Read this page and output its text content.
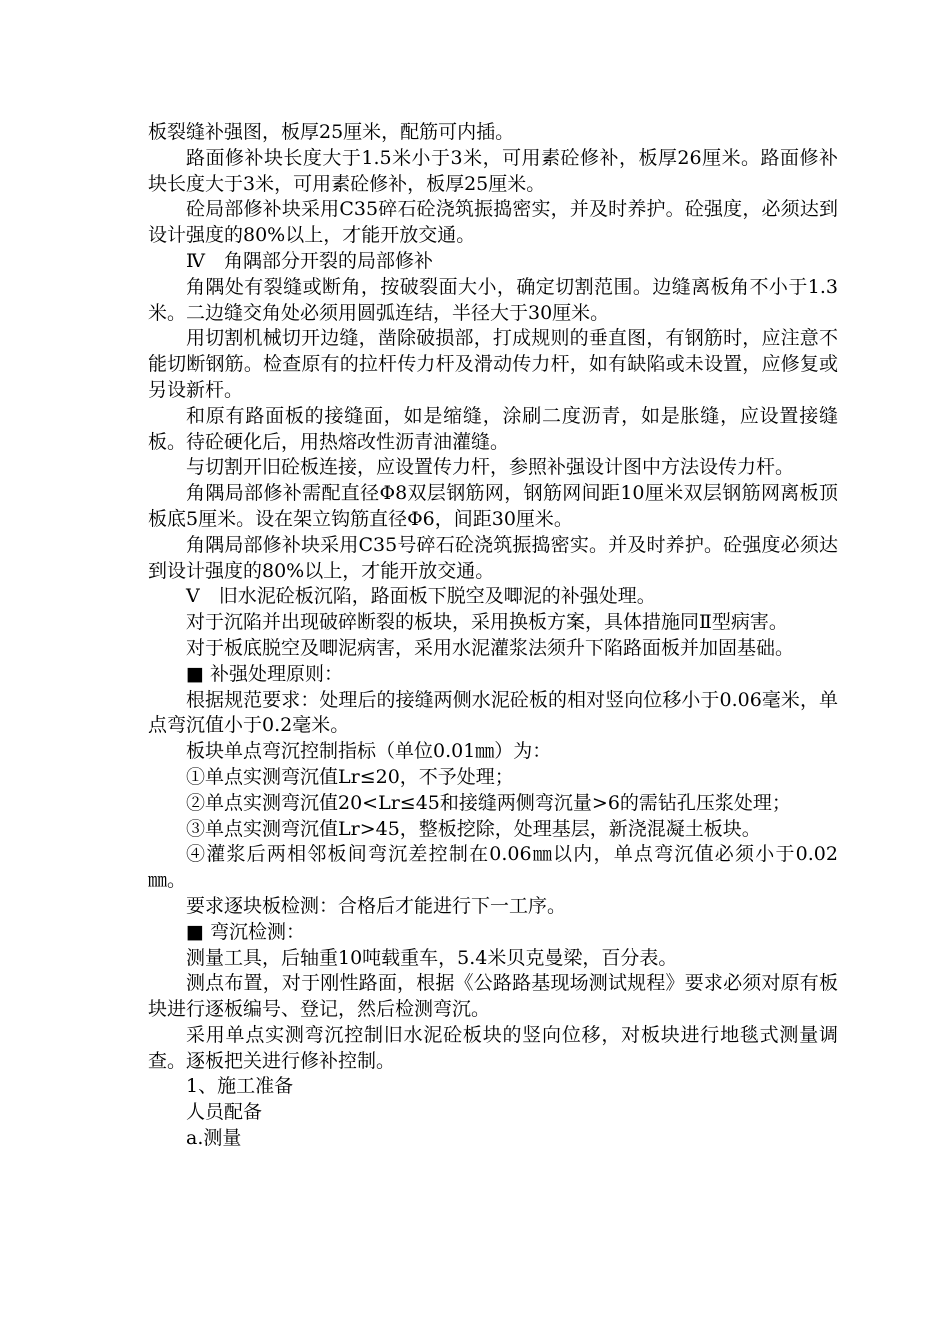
板裂缝补强图，板厚25厘米，配筋可内插。

路面修补块长度大于1.5米小于3米，可用素砼修补，板厚26厘米。路面修补块长度大于3米，可用素砼修补，板厚25厘米。

砼局部修补块采用C35碎石砼浇筑振捣密实，并及时养护。砼强度，必须达到设计强度的80%以上，才能开放交通。

Ⅳ　角隅部分开裂的局部修补

角隅处有裂缝或断角，按破裂面大小，确定切割范围。边缝离板角不小于1.3米。二边缝交角处必须用圆弧连结，半径大于30厘米。

用切割机械切开边缝，凿除破损部，打成规则的垂直图，有钢筋时，应注意不能切断钢筋。检查原有的拉杆传力杆及滑动传力杆，如有缺陷或未设置，应修复或另设新杆。

和原有路面板的接缝面，如是缩缝，涂刷二度沥青，如是胀缝，应设置接缝板。待砼硬化后，用热熔改性沥青油灌缝。

与切割开旧砼板连接，应设置传力杆，参照补强设计图中方法设传力杆。

角隅局部修补需配直径Φ8双层钢筋网，钢筋网间距10厘米双层钢筋网离板顶板底5厘米。设在架立钩筋直径Φ6，间距30厘米。

角隅局部修补块采用C35号碎石砼浇筑振捣密实。并及时养护。砼强度必须达到设计强度的80%以上，才能开放交通。

Ⅴ　旧水泥砼板沉陷，路面板下脱空及唧泥的补强处理。

对于沉陷并出现破碎断裂的板块，采用换板方案，具体措施同Ⅱ型病害。

对于板底脱空及唧泥病害，采用水泥灌浆法须升下陷路面板并加固基础。

■ 补强处理原则：

根据规范要求：处理后的接缝两侧水泥砼板的相对竖向位移小于0.06毫米，单点弯沉值小于0.2毫米。

板块单点弯沉控制指标（单位0.01㎜）为：

①单点实测弯沉值Lr≤20，不予处理；

②单点实测弯沉值20<Lr≤45和接缝两侧弯沉量>6的需钻孔压浆处理；

③单点实测弯沉值Lr>45，整板挖除，处理基层，新浇混凝土板块。

④灌浆后两相邻板间弯沉差控制在0.06㎜以内，单点弯沉值必须小于0.02㎜。

要求逐块板检测：合格后才能进行下一工序。

■ 弯沉检测：

测量工具，后轴重10吨载重车，5.4米贝克曼梁，百分表。

测点布置，对于刚性路面，根据《公路路基现场测试规程》要求必须对原有板块进行逐板编号、登记，然后检测弯沉。

采用单点实测弯沉控制旧水泥砼板块的竖向位移，对板块进行地毯式测量调查。逐板把关进行修补控制。

1、施工准备

人员配备

a.测量
